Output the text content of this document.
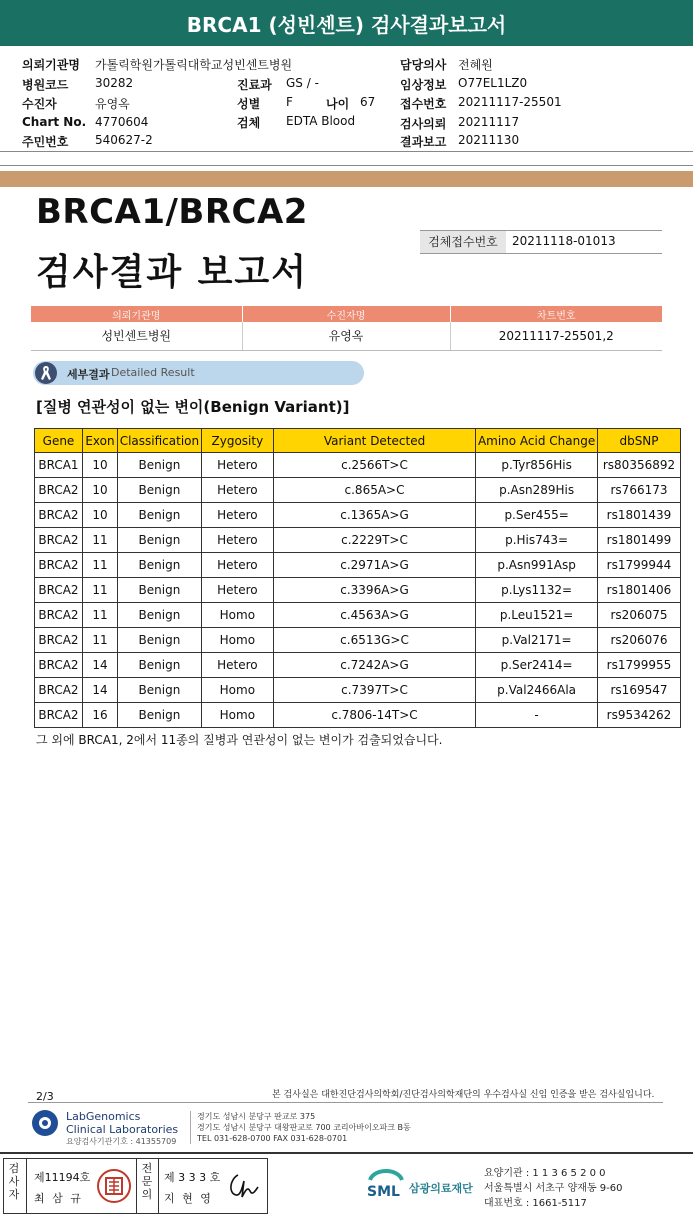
BRCA1 (성빈센트) 검사결과보고서
의뢰기관명 가톨릭학원가톨릭대학교성빈센트병원	담당의사 전혜원
병원코드 30282	진료과 GS / -	임상정보 O77EL1LZ0
수진자	유영옥	성별 F	나이 67 접수번호 20211117-25501
Chart No. 4770604	검체 EDTA Blood	검사의뢰 20211117
주민번호 540627-2	결과보고 20211130
BRCA1/BRCA2
검사결과 보고서
검체접수번호	20211118-01013
의뢰기관명	수진자명	차트번호
성빈센트병원	유영옥	20211117-25501,2
세부결과 Detailed Result
[질병 연관성이 없는 변이(Benign Variant)]
Gene	Exon	Classification	Zygosity	Variant Detected	Amino Acid Change	dbSNP
BRCA1	10	Benign	Hetero	c.2566T>C	p.Tyr856His	rs80356892
BRCA2	10	Benign	Hetero	c.865A>C	p.Asn289His	rs766173
BRCA2	10	Benign	Hetero	c.1365A>G	p.Ser455=	rs1801439
BRCA2	11	Benign	Hetero	c.2229T>C	p.His743=	rs1801499
BRCA2	11	Benign	Hetero	c.2971A>G	p.Asn991Asp	rs1799944
BRCA2	11	Benign	Hetero	c.3396A>G	p.Lys1132=	rs1801406
BRCA2	11	Benign	Homo	c.4563A>G	p.Leu1521=	rs206075
BRCA2	11	Benign	Homo	c.6513G>C	p.Val2171=	rs206076
BRCA2	14	Benign	Hetero	c.7242A>G	p.Ser2414=	rs1799955
BRCA2	14	Benign	Homo	c.7397T>C	p.Val2466Ala	rs169547
BRCA2	16	Benign	Homo	c.7806-14T>C	-	rs9534262
그 외에 BRCA1, 2에서 11종의 질병과 연관성이 없는 변이가 검출되었습니다.
2/3	본 검사실은 대한진단검사의학회/진단검사의학재단의 우수검사실 신임 인증을 받은 검사실입니다.
LabGenomics
Clinical Laboratories
요양검사기관기호 : 41355709
경기도 성남시 분당구 판교로 375
경기도 성남시 분당구 대왕판교로 700 코리아바이오파크 B동
TEL 031-628-0700 FAX 031-628-0701
검사자
제11194호
최 삼 규
전문의
제 3 3 3 호
지 현 영	SML 삼광의료재단
요양기관 : 1 1 3 6 5 2 0 0
서울특별시 서초구 양재동 9-60
대표번호 : 1661-5117
